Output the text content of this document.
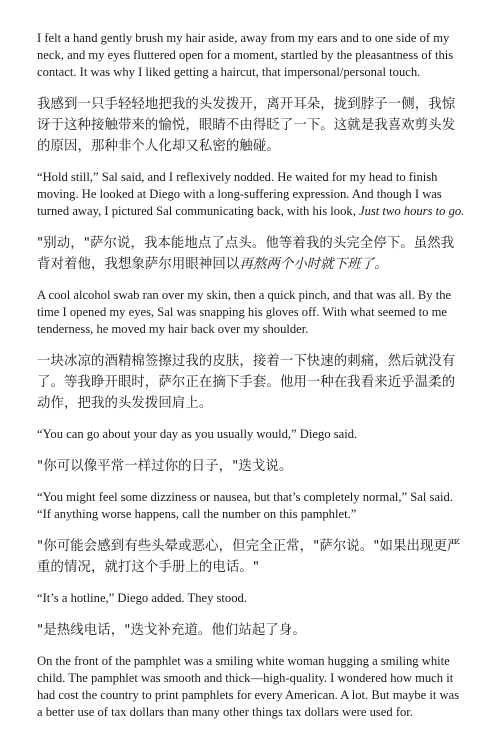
I felt a hand gently brush my hair aside, away from my ears and to one side of my neck, and my eyes fluttered open for a moment, startled by the pleasantness of this contact. It was why I liked getting a haircut, that impersonal/personal touch.

我感到一只手轻轻地把我的头发拨开，离开耳朵，拢到脖子一侧，我惊讶于这种接触带来的愉悦，眼睛不由得眨了一下。这就是我喜欢剪头发的原因，那种非个人化却又私密的触碰。

“Hold still,” Sal said, and I reflexively nodded. He waited for my head to finish moving. He looked at Diego with a long-suffering expression. And though I was turned away, I pictured Sal communicating back, with his look, Just two hours to go.

"别动，"萨尔说，我本能地点了点头。他等着我的头完全停下。虽然我背对着他，我想象萨尔用眼神回以再熬两个小时就下班了。

A cool alcohol swab ran over my skin, then a quick pinch, and that was all. By the time I opened my eyes, Sal was snapping his gloves off. With what seemed to me tenderness, he moved my hair back over my shoulder.

一块冰凉的酒精棉签擦过我的皮肤，接着一下快速的刺痛，然后就没有了。等我睁开眼时，萨尔正在摘下手套。他用一种在我看来近乎温柔的动作，把我的头发拨回肩上。

“You can go about your day as you usually would,” Diego said.

"你可以像平常一样过你的日子，"迭戈说。

“You might feel some dizziness or nausea, but that’s completely normal,” Sal said. “If anything worse happens, call the number on this pamphlet.”

"你可能会感到有些头晕或恶心，但完全正常，"萨尔说。"如果出现更严重的情况，就打这个手册上的电话。"

“It’s a hotline,” Diego added. They stood.

"是热线电话，"迭戈补充道。他们站起了身。

On the front of the pamphlet was a smiling white woman hugging a smiling white child. The pamphlet was smooth and thick—high-quality. I wondered how much it had cost the country to print pamphlets for every American. A lot. But maybe it was a better use of tax dollars than many other things tax dollars were used for.
